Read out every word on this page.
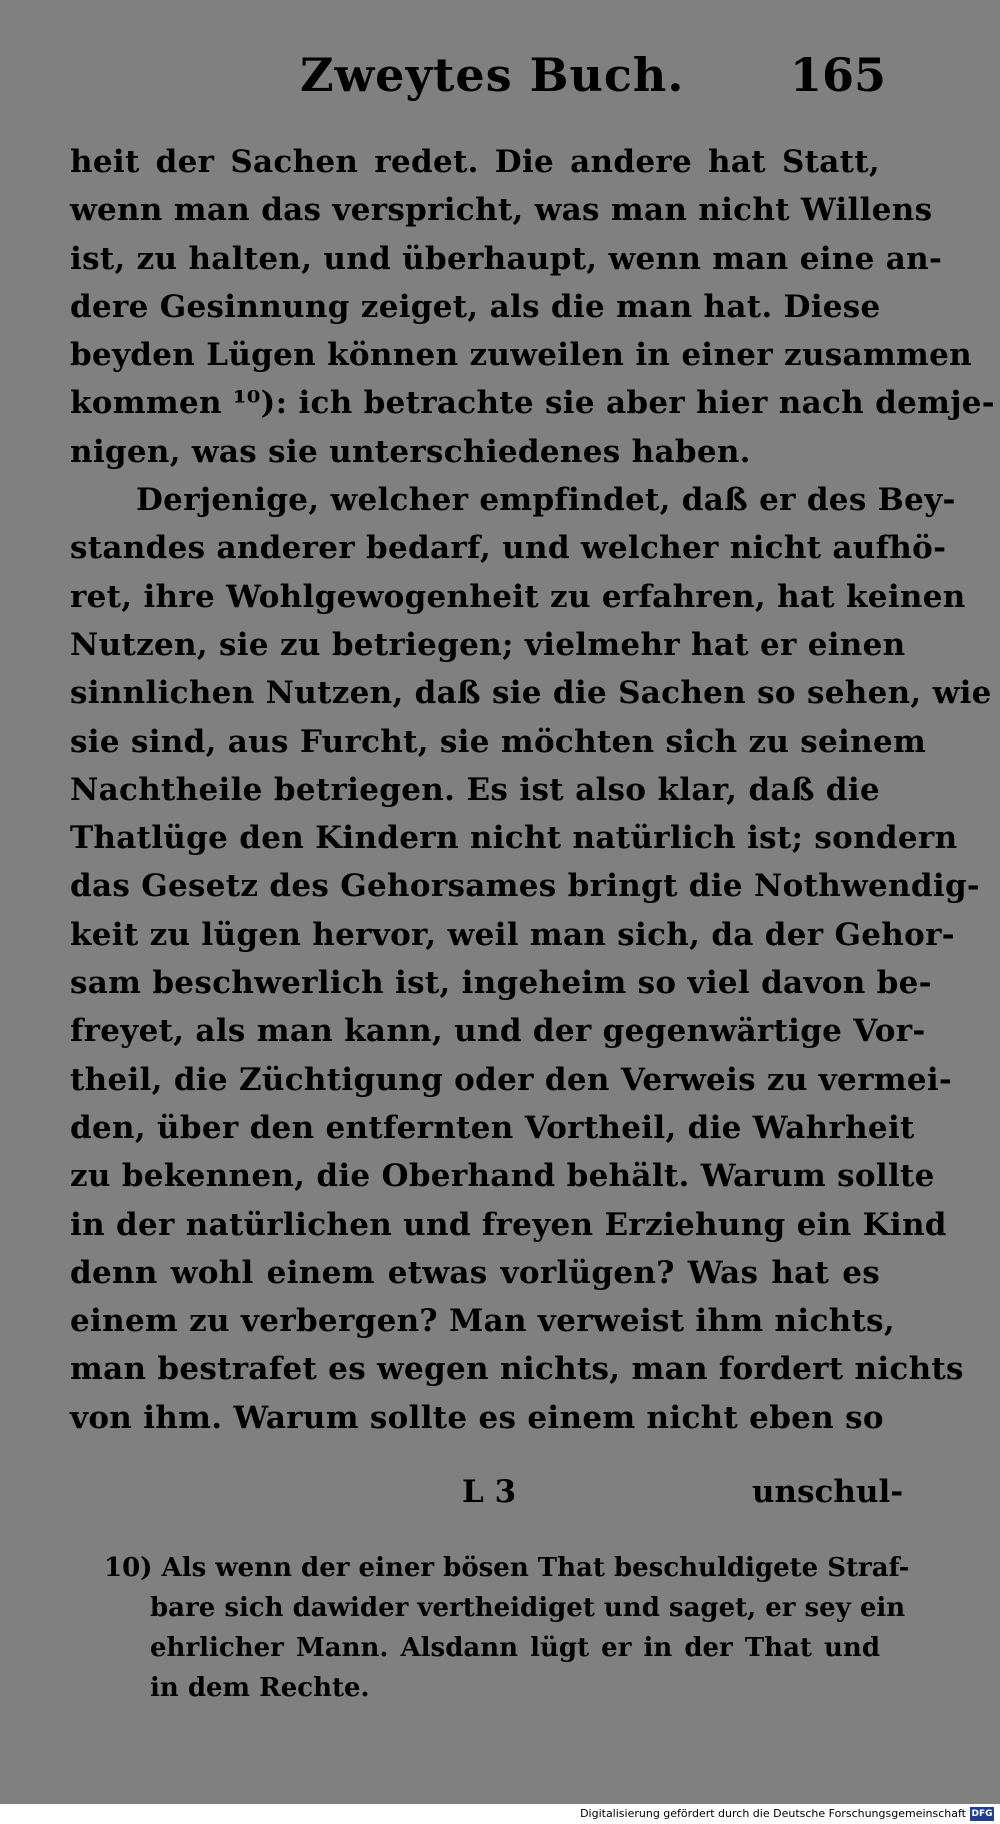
Zweytes Buch. 165
heit der Sachen redet. Die andere hat Statt,
wenn man das verspricht, was man nicht Willens
ist, zu halten, und überhaupt, wenn man eine an-
dere Gesinnung zeiget, als die man hat. Diese
beyden Lügen können zuweilen in einer zusammen
kommen ¹⁰): ich betrachte sie aber hier nach demje-
nigen, was sie unterschiedenes haben.
Derjenige, welcher empfindet, daß er des Bey-
standes anderer bedarf, und welcher nicht aufhö-
ret, ihre Wohlgewogenheit zu erfahren, hat keinen
Nutzen, sie zu betriegen; vielmehr hat er einen
sinnlichen Nutzen, daß sie die Sachen so sehen, wie
sie sind, aus Furcht, sie möchten sich zu seinem
Nachtheile betriegen. Es ist also klar, daß die
Thatlüge den Kindern nicht natürlich ist; sondern
das Gesetz des Gehorsames bringt die Nothwendig-
keit zu lügen hervor, weil man sich, da der Gehor-
sam beschwerlich ist, ingeheim so viel davon be-
freyet, als man kann, und der gegenwärtige Vor-
theil, die Züchtigung oder den Verweis zu vermei-
den, über den entfernten Vortheil, die Wahrheit
zu bekennen, die Oberhand behält. Warum sollte
in der natürlichen und freyen Erziehung ein Kind
denn wohl einem etwas vorlügen? Was hat es
einem zu verbergen? Man verweist ihm nichts,
man bestrafet es wegen nichts, man fordert nichts
von ihm. Warum sollte es einem nicht eben so
L 3	unschul-
10) Als wenn der einer bösen That beschuldigete Straf-
bare sich dawider vertheidiget und saget, er sey ein
ehrlicher Mann. Alsdann lügt er in der That und
in dem Rechte.
Digitalisierung gefördert durch die Deutsche Forschungsgemeinschaft DFG
